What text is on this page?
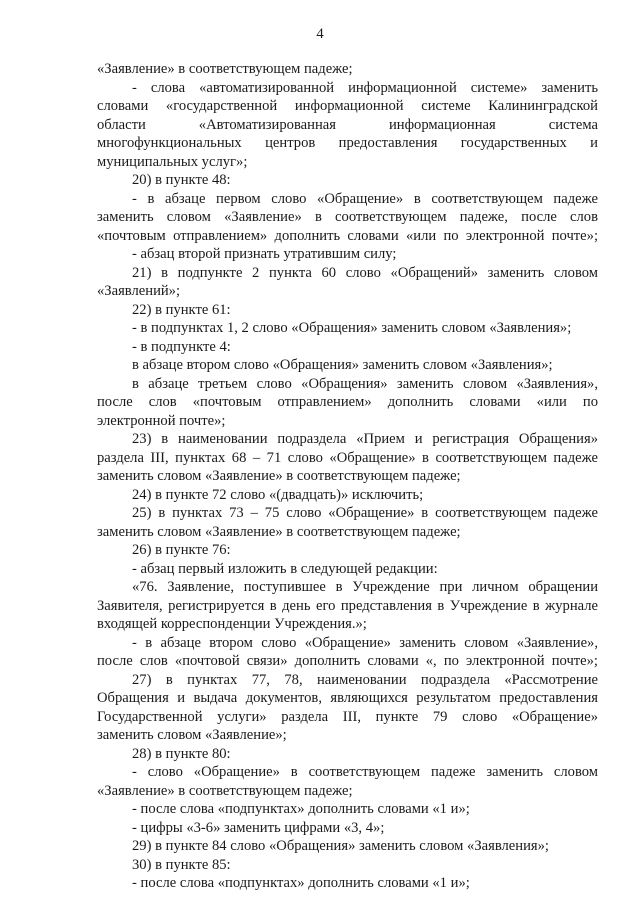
4
«Заявление» в соответствующем падеже;
- слова «автоматизированной информационной системе» заменить
словами «государственной информационной системе Калининградской
области «Автоматизированная информационная система
многофункциональных центров предоставления государственных и
муниципальных услуг»;
20) в пункте 48:
- в абзаце первом слово «Обращение» в соответствующем падеже
заменить словом «Заявление» в соответствующем падеже, после слов
«почтовым отправлением» дополнить словами «или по электронной почте»;
- абзац второй признать утратившим силу;
21) в подпункте 2 пункта 60 слово «Обращений» заменить словом
«Заявлений»;
22) в пункте 61:
- в подпунктах 1, 2 слово «Обращения» заменить словом «Заявления»;
- в подпункте 4:
в абзаце втором слово «Обращения» заменить словом «Заявления»;
в абзаце третьем слово «Обращения» заменить словом «Заявления»,
после слов «почтовым отправлением» дополнить словами «или по
электронной почте»;
23) в наименовании подраздела «Прием и регистрация Обращения»
раздела III, пунктах 68 – 71 слово «Обращение» в соответствующем падеже
заменить словом «Заявление» в соответствующем падеже;
24) в пункте 72 слово «(двадцать)» исключить;
25) в пунктах 73 – 75 слово «Обращение» в соответствующем падеже
заменить словом «Заявление» в соответствующем падеже;
26) в пункте 76:
- абзац первый изложить в следующей редакции:
«76. Заявление, поступившее в Учреждение при личном обращении
Заявителя, регистрируется в день его представления в Учреждение в журнале
входящей корреспонденции Учреждения.»;
- в абзаце втором слово «Обращение» заменить словом «Заявление»,
после слов «почтовой связи» дополнить словами «, по электронной почте»;
27) в пунктах 77, 78, наименовании подраздела «Рассмотрение
Обращения и выдача документов, являющихся результатом предоставления
Государственной услуги» раздела III, пункте 79 слово «Обращение»
заменить словом «Заявление»;
28) в пункте 80:
- слово «Обращение» в соответствующем падеже заменить словом
«Заявление» в соответствующем падеже;
- после слова «подпунктах» дополнить словами «1 и»;
- цифры «3-6» заменить цифрами «3, 4»;
29) в пункте 84 слово «Обращения» заменить словом «Заявления»;
30) в пункте 85:
- после слова «подпунктах» дополнить словами «1 и»;
